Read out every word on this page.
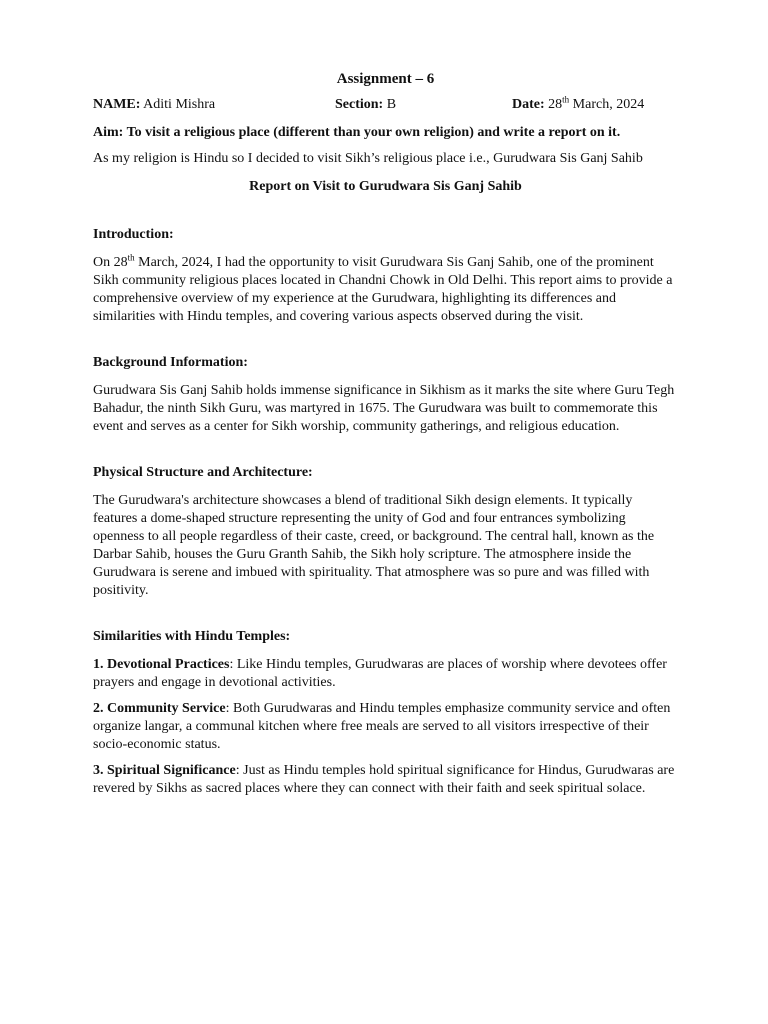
Assignment – 6
NAME: Aditi Mishra	Section: B	Date: 28th March, 2024

Aim: To visit a religious place (different than your own religion) and write a report on it.

As my religion is Hindu so I decided to visit Sikh’s religious place i.e., Gurudwara Sis Ganj Sahib

Report on Visit to Gurudwara Sis Ganj Sahib
Introduction:

On 28th March, 2024, I had the opportunity to visit Gurudwara Sis Ganj Sahib, one of the prominent Sikh community religious places located in Chandni Chowk in Old Delhi. This report aims to provide a comprehensive overview of my experience at the Gurudwara, highlighting its differences and similarities with Hindu temples, and covering various aspects observed during the visit.

Background Information:

Gurudwara Sis Ganj Sahib holds immense significance in Sikhism as it marks the site where Guru Tegh Bahadur, the ninth Sikh Guru, was martyred in 1675. The Gurudwara was built to commemorate this event and serves as a center for Sikh worship, community gatherings, and religious education.

Physical Structure and Architecture:

The Gurudwara's architecture showcases a blend of traditional Sikh design elements. It typically features a dome-shaped structure representing the unity of God and four entrances symbolizing openness to all people regardless of their caste, creed, or background. The central hall, known as the Darbar Sahib, houses the Guru Granth Sahib, the Sikh holy scripture. The atmosphere inside the Gurudwara is serene and imbued with spirituality. That atmosphere was so pure and was filled with positivity.

Similarities with Hindu Temples:

1. Devotional Practices: Like Hindu temples, Gurudwaras are places of worship where devotees offer prayers and engage in devotional activities.

2. Community Service: Both Gurudwaras and Hindu temples emphasize community service and often organize langar, a communal kitchen where free meals are served to all visitors irrespective of their socio-economic status.

3. Spiritual Significance: Just as Hindu temples hold spiritual significance for Hindus, Gurudwaras are revered by Sikhs as sacred places where they can connect with their faith and seek spiritual solace.
